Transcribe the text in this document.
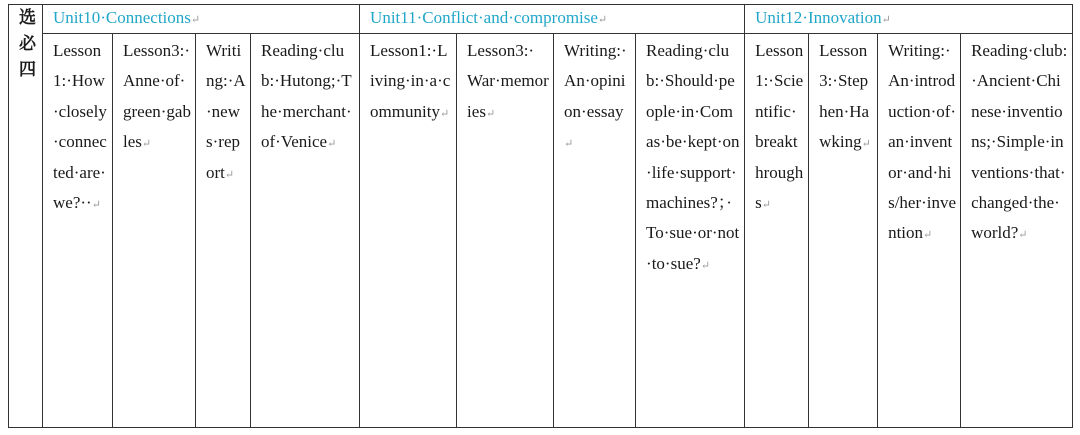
选
必
四	Unit10·Connections↵				Unit11·Conflict·and·compromise↵				Unit12·Innovation↵			
	Lesson1:·How·closely·connected·are·we?··↵	Lesson3:·Anne·of·green·gables↵	Writing:·A·news·report↵	Reading·club:·Hutong;·The·merchant·of·Venice↵	Lesson1:·Living·in·a·community↵	Lesson3:·War·memories↵	Writing:·An·opinion·essay↵	Reading·club:·Should·people·in·Comas·be·kept·on·life·support·machines?；·To·sue·or·not·to·sue?↵	Lesson1:·Scientific·breakthroughs↵	Lesson3:·Stephen·Hawking↵	Writing:·An·introduction·of·an·inventor·and·his/her·invention↵	Reading·club:·Ancient·Chinese·inventions;·Simple·inventions·that·changed·the·world?↵
